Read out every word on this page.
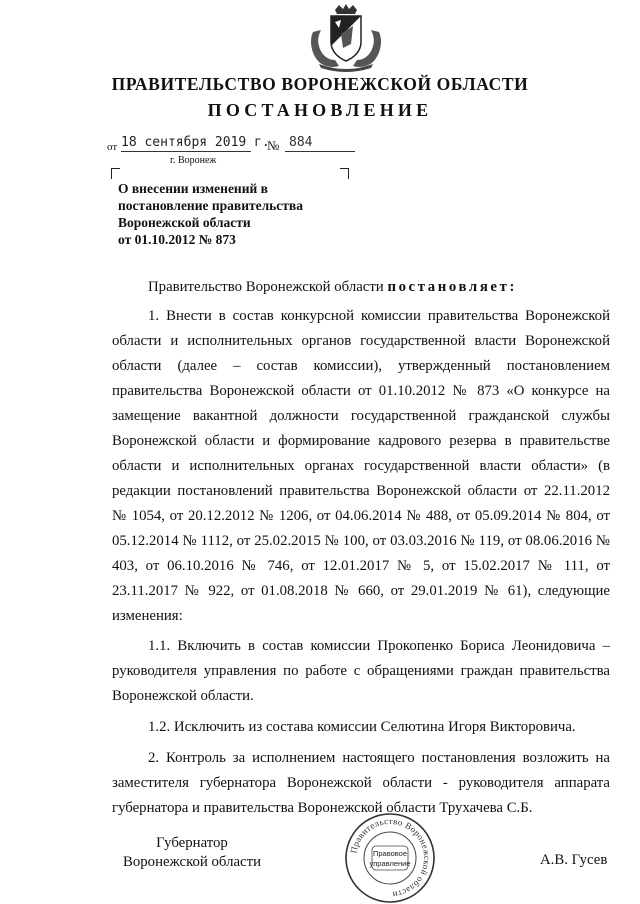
ПРАВИТЕЛЬСТВО ВОРОНЕЖСКОЙ ОБЛАСТИ
ПОСТАНОВЛЕНИЕ
от 18 сентября 2019 г.
№ 884
г. Воронеж
О внесении изменений в
постановление правительства
Воронежской области
от 01.10.2012 № 873

Правительство Воронежской области постановляет:

1. Внести в состав конкурсной комиссии правительства Воронежской области и исполнительных органов государственной власти Воронежской области (далее – состав комиссии), утвержденный постановлением правительства Воронежской области от 01.10.2012 № 873 «О конкурсе на замещение вакантной должности государственной гражданской службы Воронежской области и формирование кадрового резерва в правительстве области и исполнительных органах государственной власти области» (в редакции постановлений правительства Воронежской области от 22.11.2012 № 1054, от 20.12.2012 № 1206, от 04.06.2014 № 488, от 05.09.2014 № 804, от 05.12.2014 № 1112, от 25.02.2015 № 100, от 03.03.2016 № 119, от 08.06.2016 № 403, от 06.10.2016 № 746, от 12.01.2017 № 5, от 15.02.2017 № 111, от 23.11.2017 № 922, от 01.08.2018 № 660, от 29.01.2019 № 61), следующие изменения:

1.1. Включить в состав комиссии Прокопенко Бориса Леонидовича – руководителя управления по работе с обращениями граждан правительства Воронежской области.

1.2. Исключить из состава комиссии Селютина Игоря Викторовича.

2. Контроль за исполнением настоящего постановления возложить на заместителя губернатора Воронежской области - руководителя аппарата губернатора и правительства Воронежской области Трухачева С.Б.

Губернатор
Воронежской области	А.В. Гусев
Правительство Воронежской области
Правовое
управление
